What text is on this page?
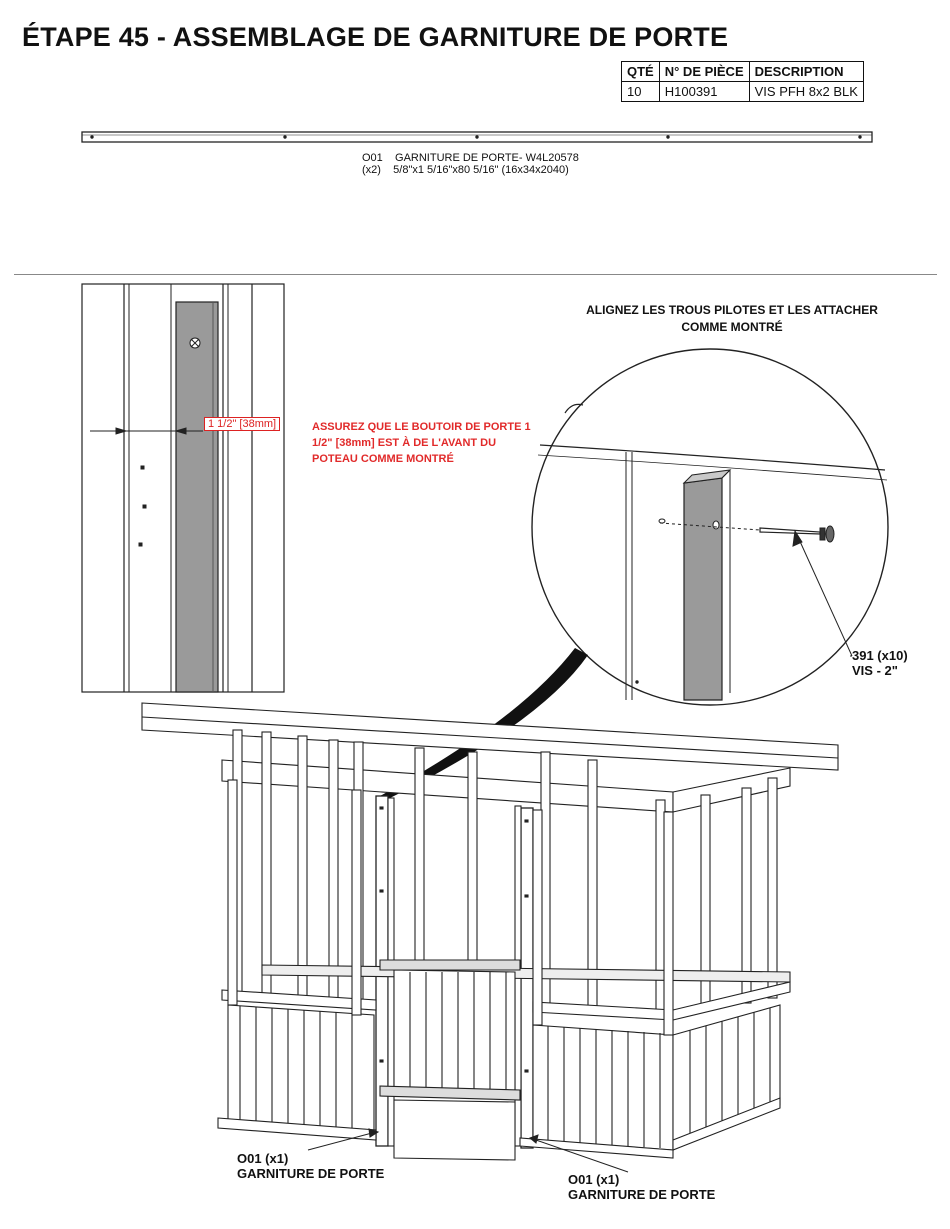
ÉTAPE 45 - ASSEMBLAGE DE GARNITURE DE PORTE
QTÉ	N° DE PIÈCE	DESCRIPTION
10	H100391	VIS PFH 8x2 BLK
O01    GARNITURE DE PORTE- W4L20578
(x2)    5/8"x1 5/16"x80 5/16" (16x34x2040)
ALIGNEZ LES TROUS PILOTES ET LES ATTACHER
COMME MONTRÉ
1 1/2" [38mm]	ASSUREZ QUE LE BOUTOIR DE PORTE 1 1/2" [38mm] EST À DE L'AVANT DU POTEAU COMME MONTRÉ
391 (x10)
VIS - 2"
O01 (x1)
GARNITURE DE PORTE	O01 (x1)
GARNITURE DE PORTE
